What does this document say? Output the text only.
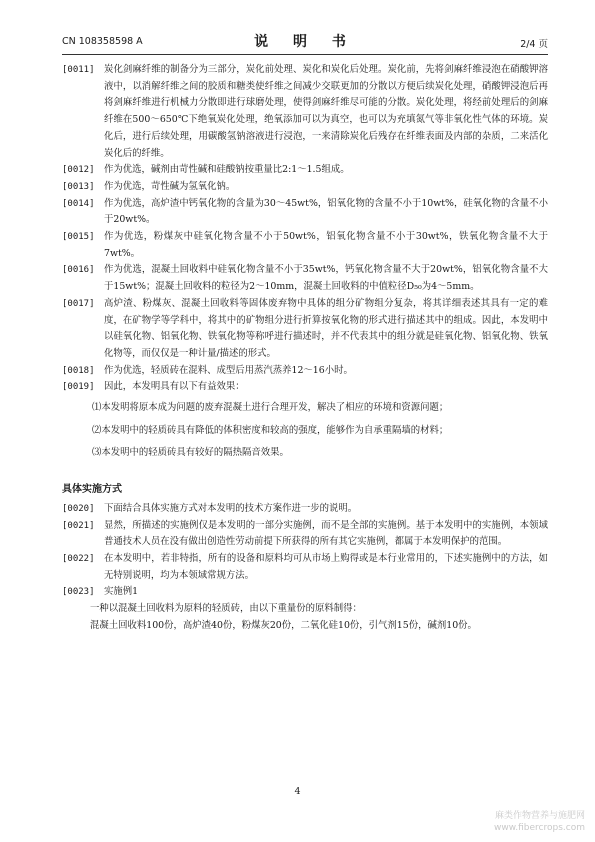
CN 108358598 A	说 明 书	2/4 页
[0011] 炭化剑麻纤维的制备分为三部分，炭化前处理、炭化和炭化后处理。炭化前，先将剑麻纤维浸泡在硝酸钾溶液中，以消解纤维之间的胶质和糖类使纤维之间减少交联更加的分散以方便后续炭化处理，硝酸钾浸泡后再将剑麻纤维进行机械力分散即进行球磨处理，使得剑麻纤维尽可能的分散。炭化处理，将经前处理后的剑麻纤维在500～650℃下绝氧炭化处理，绝氧添加可以为真空，也可以为充填氮气等非氧化性气体的环境。炭化后，进行后续处理，用碳酸氢钠溶液进行浸泡，一来清除炭化后残存在纤维表面及内部的杂质，二来活化炭化后的纤维。
[0012] 作为优选，碱剂由苛性碱和硅酸钠按重量比2:1～1.5组成。
[0013] 作为优选，苛性碱为氢氧化钠。
[0014] 作为优选，高炉渣中钙氧化物的含量为30～45wt%，铝氧化物的含量不小于10wt%，硅氧化物的含量不小于20wt%。
[0015] 作为优选，粉煤灰中硅氧化物含量不小于50wt%，铝氧化物含量不小于30wt%，铁氧化物含量不大于7wt%。
[0016] 作为优选，混凝土回收料中硅氧化物含量不小于35wt%，钙氧化物含量不大于20wt%，铝氧化物含量不大于15wt%；混凝土回收料的粒径为2～10mm，混凝土回收料的中值粒径D₅₀为4～5mm。
[0017] 高炉渣、粉煤灰、混凝土回收料等固体废弃物中具体的组分矿物组分复杂，将其详细表述其具有一定的难度，在矿物学等学科中，将其中的矿物组分进行折算按氧化物的形式进行描述其中的组成。因此，本发明中以硅氧化物、铝氧化物、铁氧化物等称呼进行描述时，并不代表其中的组分就是硅氧化物、铝氧化物、铁氧化物等，而仅仅是一种计量/描述的形式。
[0018] 作为优选，轻质砖在混料、成型后用蒸汽蒸养12～16小时。
[0019] 因此，本发明具有以下有益效果：
⑴本发明将原本成为问题的废弃混凝土进行合理开发，解决了相应的环境和资源问题；
⑵本发明中的轻质砖具有降低的体积密度和较高的强度，能够作为自承重隔墙的材料；
⑶本发明中的轻质砖具有较好的隔热隔音效果。
具体实施方式
[0020] 下面结合具体实施方式对本发明的技术方案作进一步的说明。
[0021] 显然，所描述的实施例仅是本发明的一部分实施例，而不是全部的实施例。基于本发明中的实施例，本领域普通技术人员在没有做出创造性劳动前提下所获得的所有其它实施例，都属于本发明保护的范围。
[0022] 在本发明中，若非特指，所有的设备和原料均可从市场上购得或是本行业常用的，下述实施例中的方法，如无特别说明，均为本领域常规方法。
[0023] 实施例1
一种以混凝土回收料为原料的轻质砖，由以下重量份的原料制得：
混凝土回收料100份，高炉渣40份，粉煤灰20份，二氧化硅10份，引气剂15份，碱剂10份。
4
麻类作物营养与施肥网
www.fibercrops.com
